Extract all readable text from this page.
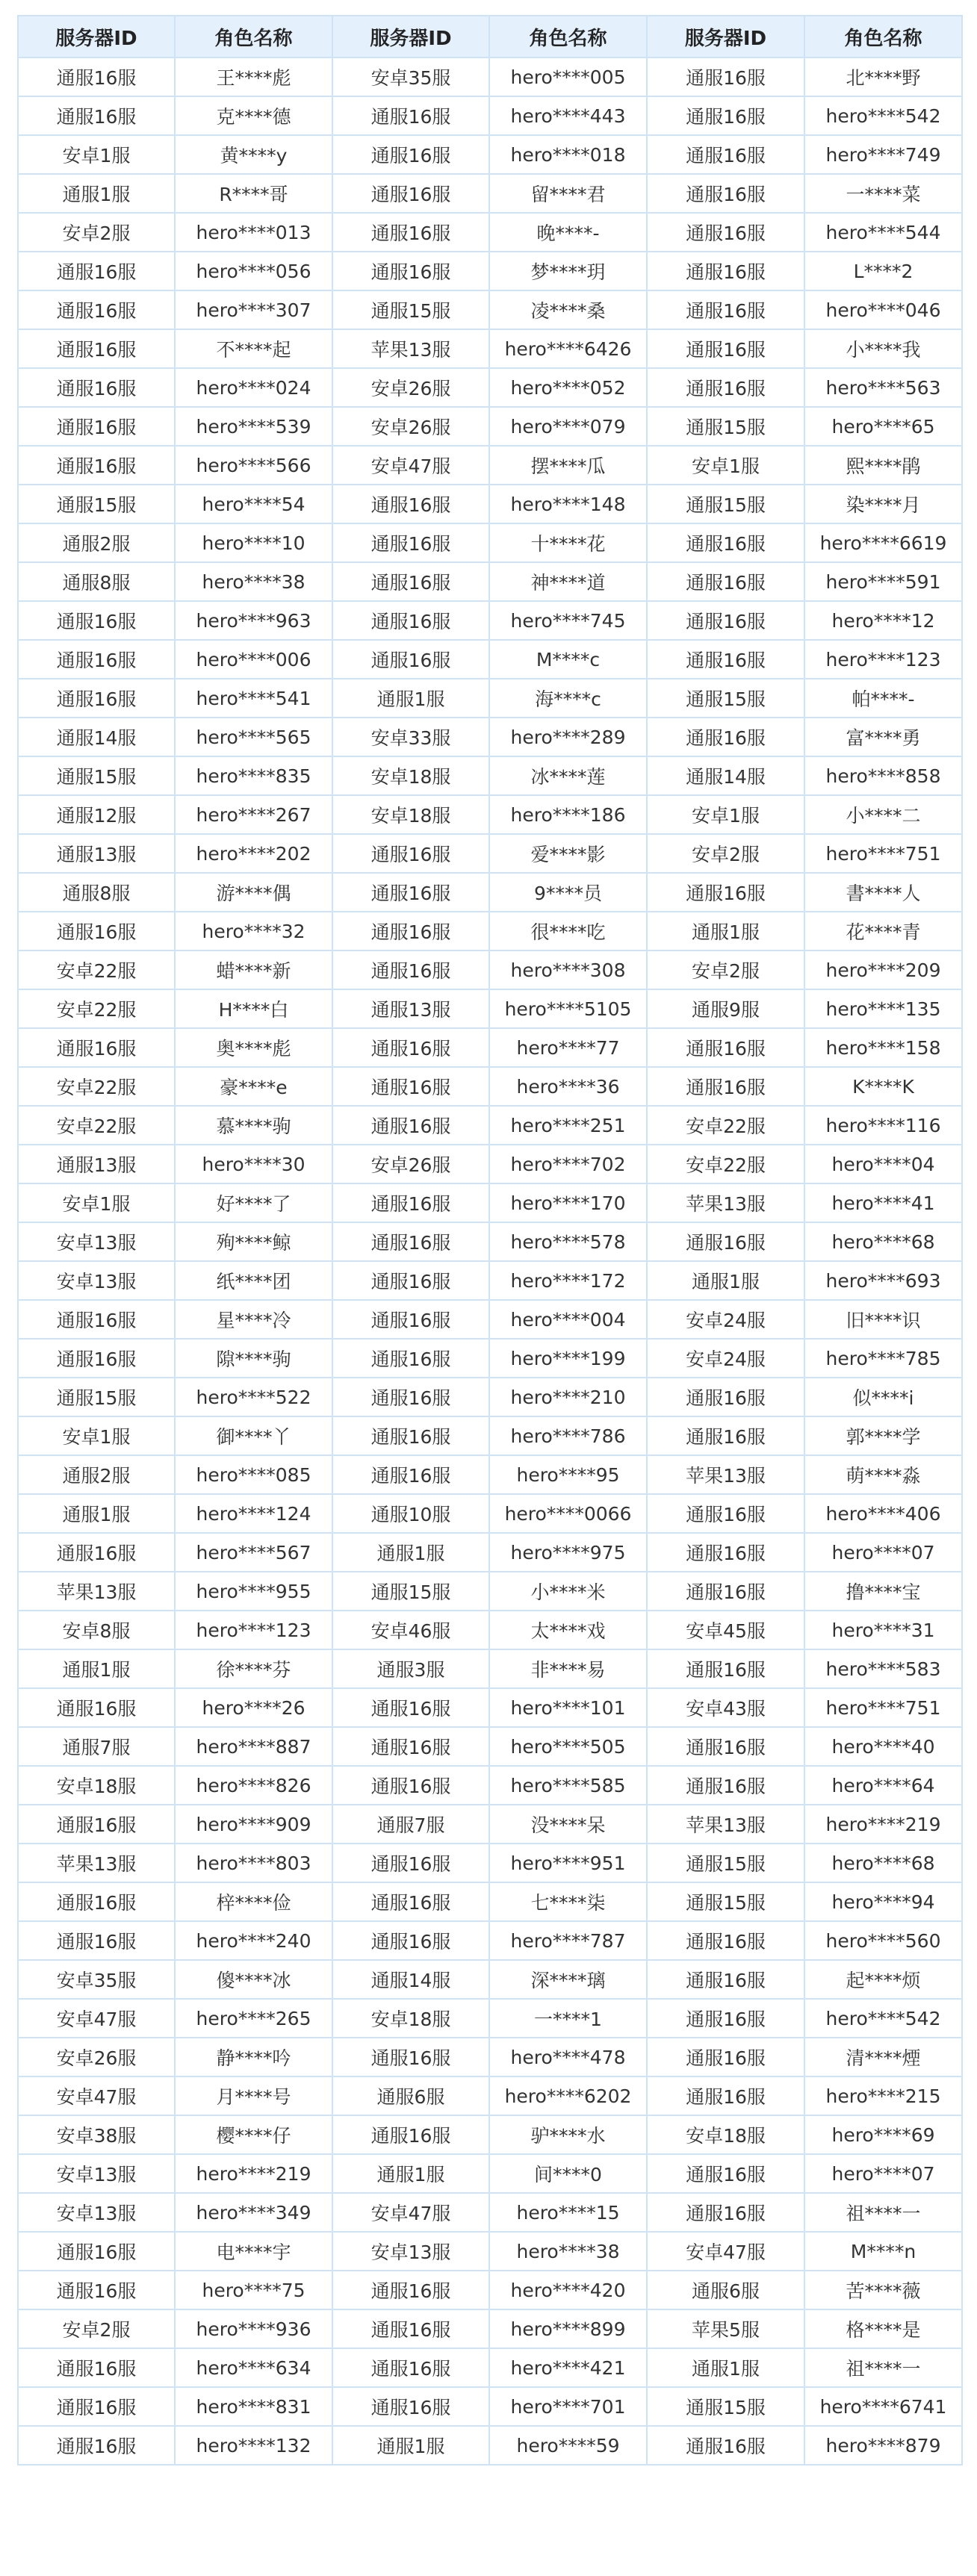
服务器ID	角色名称	服务器ID	角色名称	服务器ID	角色名称
通服16服	王****彪	安卓35服	hero****005	通服16服	北****野
通服16服	克****德	通服16服	hero****443	通服16服	hero****542
安卓1服	黄****y	通服16服	hero****018	通服16服	hero****749
通服1服	R****哥	通服16服	留****君	通服16服	一****菜
安卓2服	hero****013	通服16服	晚****-	通服16服	hero****544
通服16服	hero****056	通服16服	梦****玥	通服16服	L****2
通服16服	hero****307	通服15服	凌****桑	通服16服	hero****046
通服16服	不****起	苹果13服	hero****6426	通服16服	小****我
通服16服	hero****024	安卓26服	hero****052	通服16服	hero****563
通服16服	hero****539	安卓26服	hero****079	通服15服	hero****65
通服16服	hero****566	安卓47服	摆****瓜	安卓1服	熙****鹃
通服15服	hero****54	通服16服	hero****148	通服15服	染****月
通服2服	hero****10	通服16服	十****花	通服16服	hero****6619
通服8服	hero****38	通服16服	神****道	通服16服	hero****591
通服16服	hero****963	通服16服	hero****745	通服16服	hero****12
通服16服	hero****006	通服16服	M****c	通服16服	hero****123
通服16服	hero****541	通服1服	海****c	通服15服	帕****-
通服14服	hero****565	安卓33服	hero****289	通服16服	富****勇
通服15服	hero****835	安卓18服	冰****莲	通服14服	hero****858
通服12服	hero****267	安卓18服	hero****186	安卓1服	小****二
通服13服	hero****202	通服16服	爱****影	安卓2服	hero****751
通服8服	游****偶	通服16服	9****员	通服16服	書****人
通服16服	hero****32	通服16服	很****吃	通服1服	花****青
安卓22服	蜡****新	通服16服	hero****308	安卓2服	hero****209
安卓22服	H****白	通服13服	hero****5105	通服9服	hero****135
通服16服	奥****彪	通服16服	hero****77	通服16服	hero****158
安卓22服	豪****e	通服16服	hero****36	通服16服	K****K
安卓22服	慕****驹	通服16服	hero****251	安卓22服	hero****116
通服13服	hero****30	安卓26服	hero****702	安卓22服	hero****04
安卓1服	好****了	通服16服	hero****170	苹果13服	hero****41
安卓13服	殉****鲸	通服16服	hero****578	通服16服	hero****68
安卓13服	纸****团	通服16服	hero****172	通服1服	hero****693
通服16服	星****冷	通服16服	hero****004	安卓24服	旧****识
通服16服	隙****驹	通服16服	hero****199	安卓24服	hero****785
通服15服	hero****522	通服16服	hero****210	通服16服	似****i
安卓1服	御****丫	通服16服	hero****786	通服16服	郭****学
通服2服	hero****085	通服16服	hero****95	苹果13服	萌****淼
通服1服	hero****124	通服10服	hero****0066	通服16服	hero****406
通服16服	hero****567	通服1服	hero****975	通服16服	hero****07
苹果13服	hero****955	通服15服	小****米	通服16服	撸****宝
安卓8服	hero****123	安卓46服	太****戏	安卓45服	hero****31
通服1服	徐****芬	通服3服	非****易	通服16服	hero****583
通服16服	hero****26	通服16服	hero****101	安卓43服	hero****751
通服7服	hero****887	通服16服	hero****505	通服16服	hero****40
安卓18服	hero****826	通服16服	hero****585	通服16服	hero****64
通服16服	hero****909	通服7服	没****呆	苹果13服	hero****219
苹果13服	hero****803	通服16服	hero****951	通服15服	hero****68
通服16服	梓****俭	通服16服	七****柒	通服15服	hero****94
通服16服	hero****240	通服16服	hero****787	通服16服	hero****560
安卓35服	傻****冰	通服14服	深****璃	通服16服	起****烦
安卓47服	hero****265	安卓18服	一****1	通服16服	hero****542
安卓26服	静****吟	通服16服	hero****478	通服16服	清****煙
安卓47服	月****号	通服6服	hero****6202	通服16服	hero****215
安卓38服	樱****仔	通服16服	驴****水	安卓18服	hero****69
安卓13服	hero****219	通服1服	间****0	通服16服	hero****07
安卓13服	hero****349	安卓47服	hero****15	通服16服	祖****一
通服16服	电****宇	安卓13服	hero****38	安卓47服	M****n
通服16服	hero****75	通服16服	hero****420	通服6服	苦****薇
安卓2服	hero****936	通服16服	hero****899	苹果5服	格****是
通服16服	hero****634	通服16服	hero****421	通服1服	祖****一
通服16服	hero****831	通服16服	hero****701	通服15服	hero****6741
通服16服	hero****132	通服1服	hero****59	通服16服	hero****879
